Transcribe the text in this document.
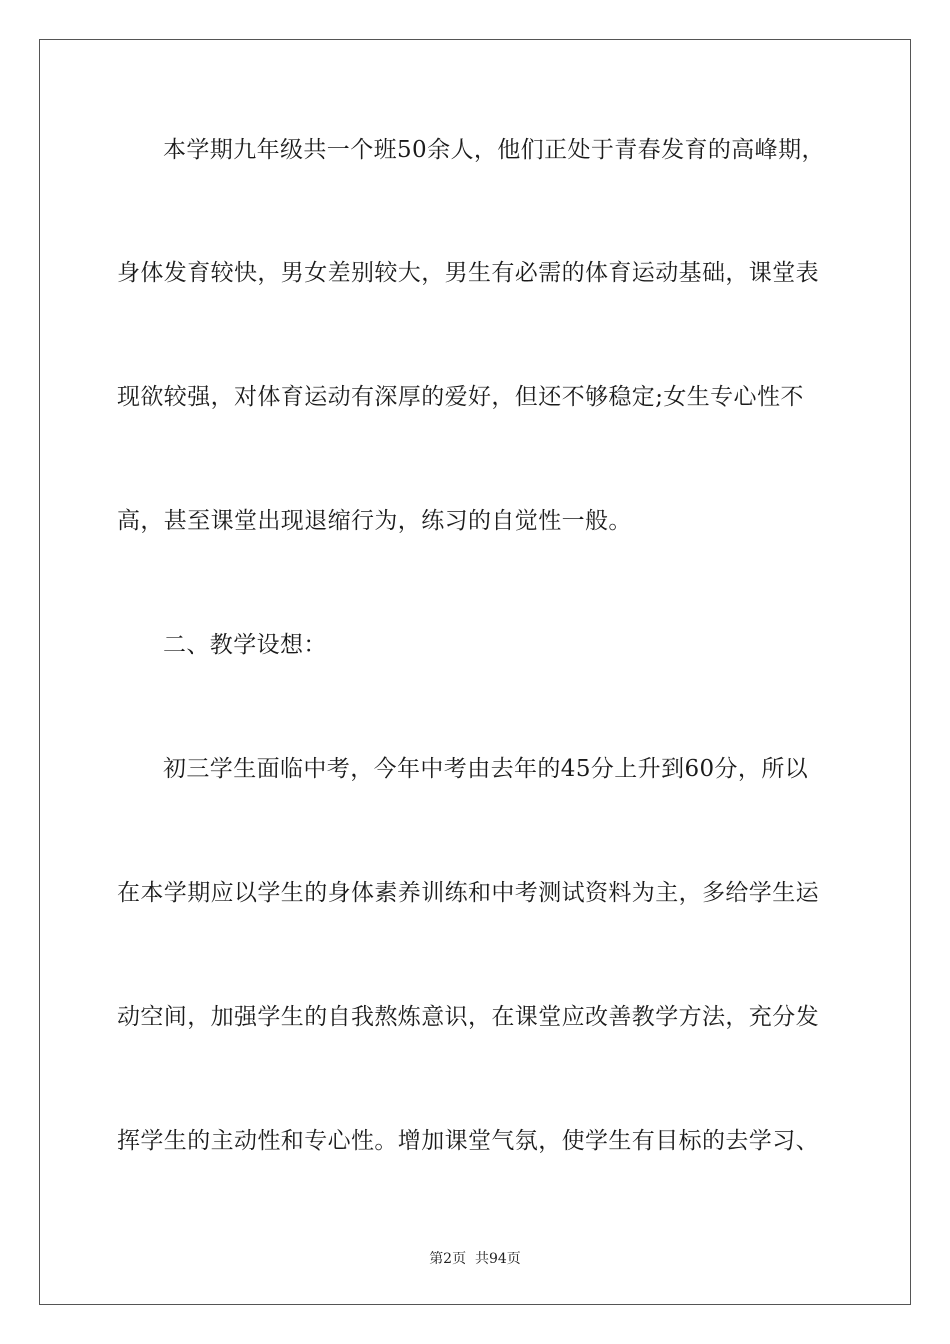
本学期九年级共一个班50余人，他们正处于青春发育的高峰期，
身体发育较快，男女差别较大，男生有必需的体育运动基础，课堂表
现欲较强，对体育运动有深厚的爱好，但还不够稳定;女生专心性不
高，甚至课堂出现退缩行为，练习的自觉性一般。
二、教学设想：
初三学生面临中考，今年中考由去年的45分上升到60分，所以
在本学期应以学生的身体素养训练和中考测试资料为主，多给学生运
动空间，加强学生的自我熬炼意识，在课堂应改善教学方法，充分发
挥学生的主动性和专心性。增加课堂气氛，使学生有目标的去学习、
第2页  共94页
